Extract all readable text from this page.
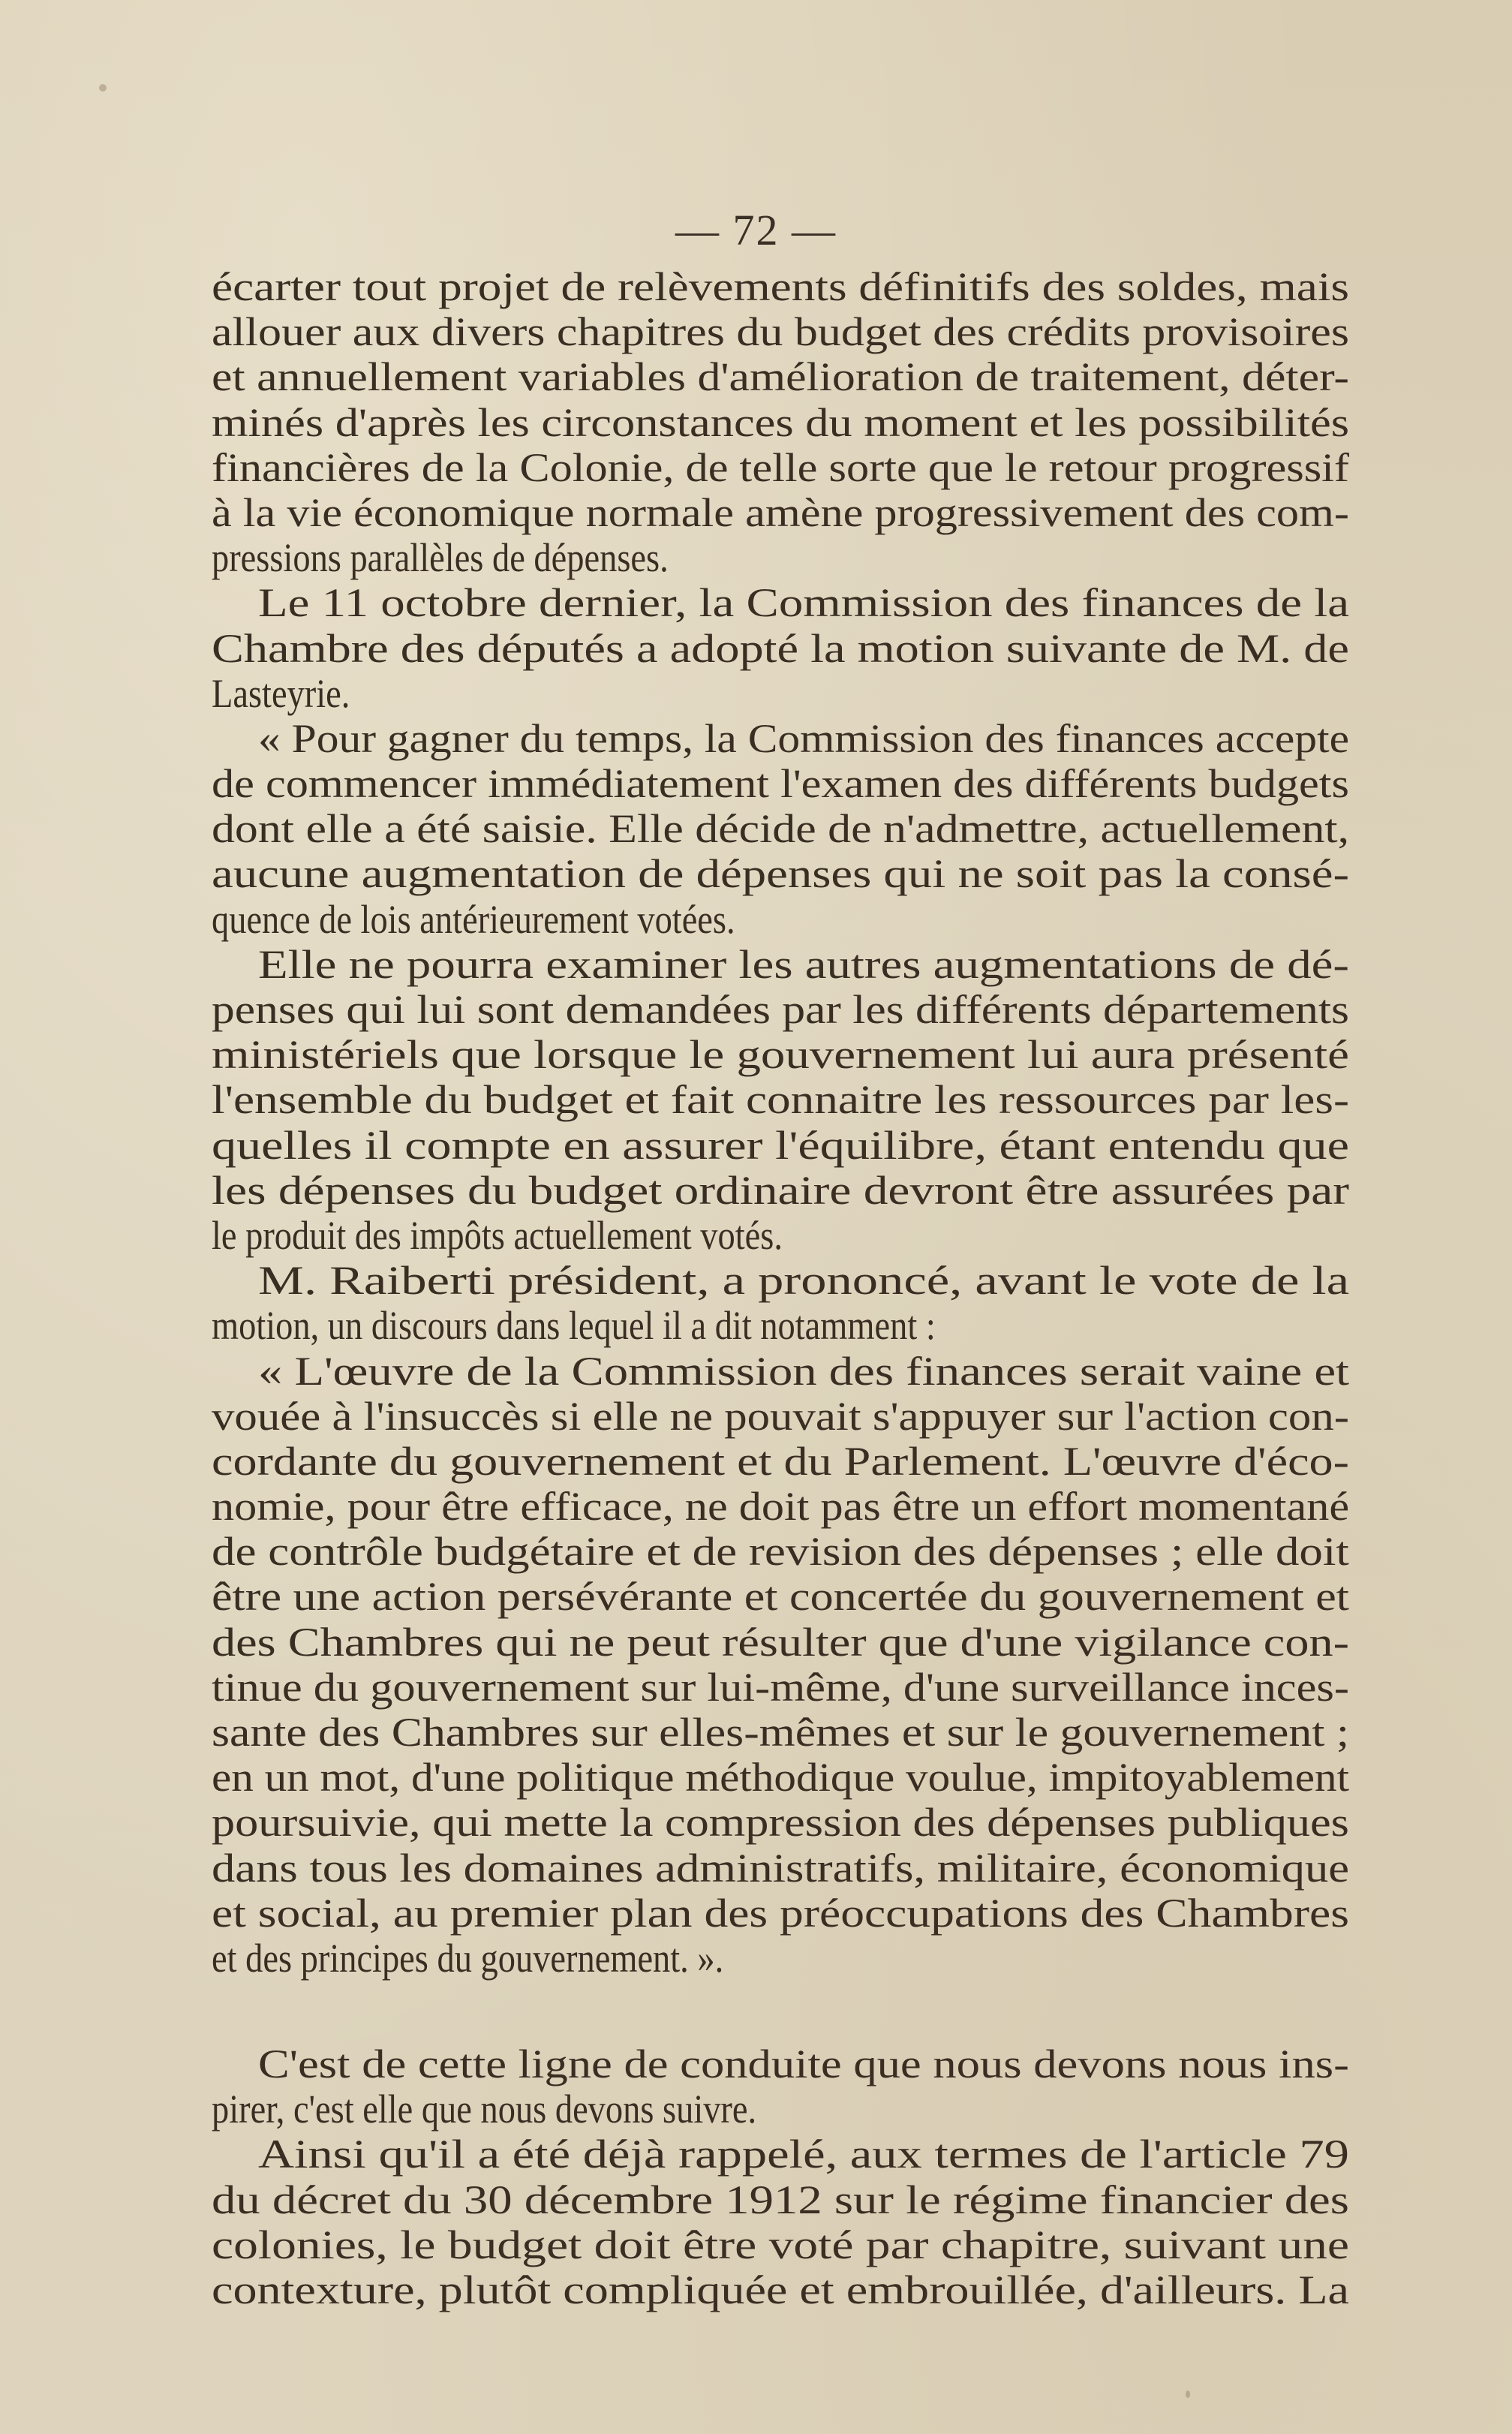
— 72 —
écarter tout projet de relèvements définitifs des soldes, mais
allouer aux divers chapitres du budget des crédits provisoires
et annuellement variables d'amélioration de traitement, déter-
minés d'après les circonstances du moment et les possibilités
financières de la Colonie, de telle sorte que le retour progressif
à la vie économique normale amène progressivement des com-
pressions parallèles de dépenses.
Le 11 octobre dernier, la Commission des finances de la
Chambre des députés a adopté la motion suivante de M. de
Lasteyrie.
« Pour gagner du temps, la Commission des finances accepte
de commencer immédiatement l'examen des différents budgets
dont elle a été saisie. Elle décide de n'admettre, actuellement,
aucune augmentation de dépenses qui ne soit pas la consé-
quence de lois antérieurement votées.
Elle ne pourra examiner les autres augmentations de dé-
penses qui lui sont demandées par les différents départements
ministériels que lorsque le gouvernement lui aura présenté
l'ensemble du budget et fait connaitre les ressources par les-
quelles il compte en assurer l'équilibre, étant entendu que
les dépenses du budget ordinaire devront être assurées par
le produit des impôts actuellement votés.
M. Raiberti président, a prononcé, avant le vote de la
motion, un discours dans lequel il a dit notamment :
« L'œuvre de la Commission des finances serait vaine et
vouée à l'insuccès si elle ne pouvait s'appuyer sur l'action con-
cordante du gouvernement et du Parlement. L'œuvre d'éco-
nomie, pour être efficace, ne doit pas être un effort momentané
de contrôle budgétaire et de revision des dépenses ; elle doit
être une action persévérante et concertée du gouvernement et
des Chambres qui ne peut résulter que d'une vigilance con-
tinue du gouvernement sur lui-même, d'une surveillance inces-
sante des Chambres sur elles-mêmes et sur le gouvernement ;
en un mot, d'une politique méthodique voulue, impitoyablement
poursuivie, qui mette la compression des dépenses publiques
dans tous les domaines administratifs, militaire, économique
et social, au premier plan des préoccupations des Chambres
et des principes du gouvernement. ».
C'est de cette ligne de conduite que nous devons nous ins-
pirer, c'est elle que nous devons suivre.
Ainsi qu'il a été déjà rappelé, aux termes de l'article 79
du décret du 30 décembre 1912 sur le régime financier des
colonies, le budget doit être voté par chapitre, suivant une
contexture, plutôt compliquée et embrouillée, d'ailleurs. La
